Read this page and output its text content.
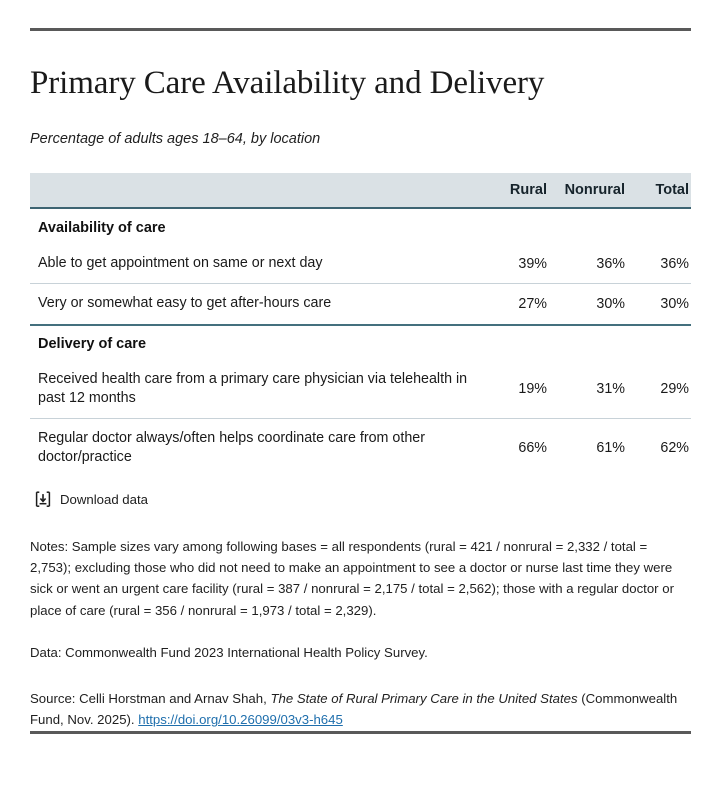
Primary Care Availability and Delivery
Percentage of adults ages 18–64, by location
	Rural	Nonrural	Total
Availability of care			
Able to get appointment on same or next day	39%	36%	36%
Very or somewhat easy to get after-hours care	27%	30%	30%
Delivery of care			
Received health care from a primary care physician via telehealth in past 12 months	19%	31%	29%
Regular doctor always/often helps coordinate care from other doctor/practice	66%	61%	62%
Download data
Notes: Sample sizes vary among following bases = all respondents (rural = 421 / nonrural = 2,332 / total = 2,753); excluding those who did not need to make an appointment to see a doctor or nurse last time they were sick or went an urgent care facility (rural = 387 / nonrural = 2,175 / total = 2,562); those with a regular doctor or place of care (rural = 356 / nonrural = 1,973 / total = 2,329).
Data: Commonwealth Fund 2023 International Health Policy Survey.
Source: Celli Horstman and Arnav Shah, The State of Rural Primary Care in the United States (Commonwealth Fund, Nov. 2025). https://doi.org/10.26099/03v3-h645
